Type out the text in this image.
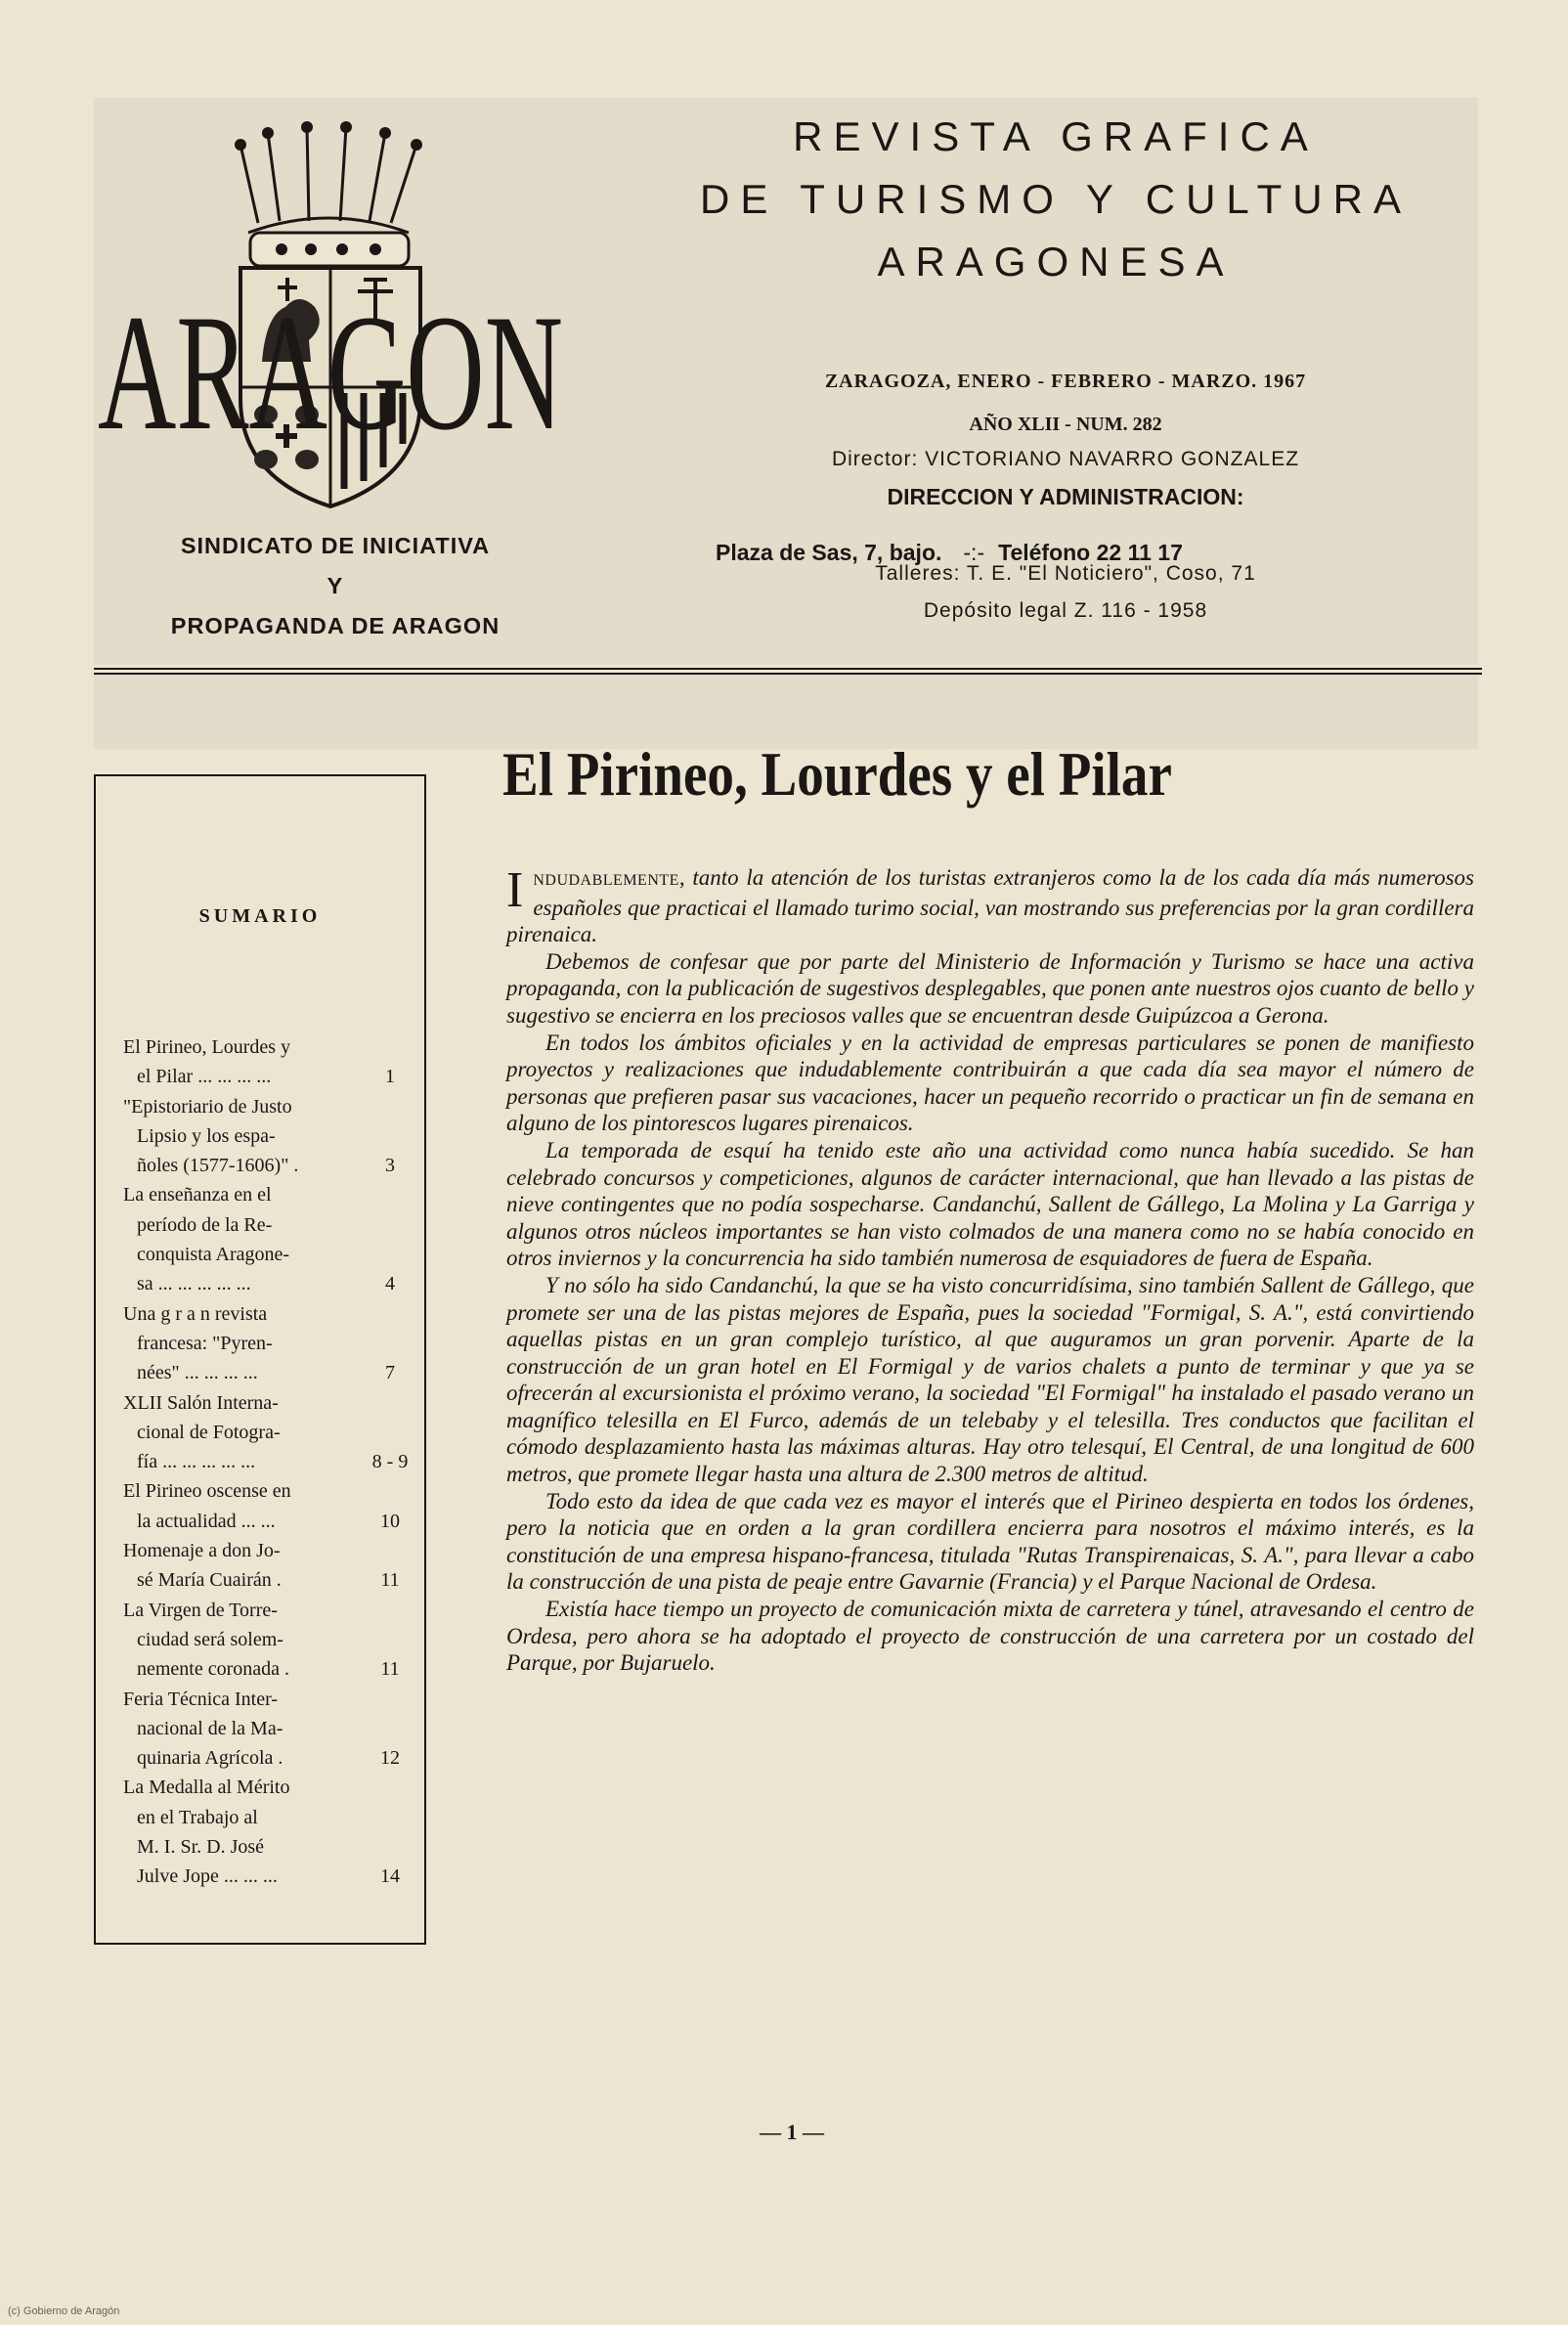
ARAGON
SINDICATO DE INICIATIVA
Y
PROPAGANDA DE ARAGON
REVISTA GRAFICA
DE TURISMO Y CULTURA
ARAGONESA
ZARAGOZA, ENERO - FEBRERO - MARZO. 1967
AÑO XLII - NUM. 282
Director: VICTORIANO NAVARRO GONZALEZ
DIRECCION Y ADMINISTRACION:
Talleres: T. E. "El Noticiero", Coso, 71
Depósito legal Z. 116 - 1958
Plaza de Sas, 7, bajo. -:- Teléfono 22 11 17
SUMARIO
El Pirineo, Lourdes y
el Pilar ... ... ... ...	1
"Epistoriario de Justo
Lipsio y los espa-
ñoles (1577-1606)" .	3
La enseñanza en el
período de la Re-
conquista Aragone-
sa ... ... ... ... ...	4
Una g r a n revista
francesa: "Pyren-
nées" ... ... ... ...	7
XLII Salón Interna-
cional de Fotogra-
fía ... ... ... ... ...	8 - 9
El Pirineo oscense en
la actualidad ... ...	10
Homenaje a don Jo-
sé María Cuairán .	11
La Virgen de Torre-
ciudad será solem-
nemente coronada .	11
Feria Técnica Inter-
nacional de la Ma-
quinaria Agrícola .	12
La Medalla al Mérito
en el Trabajo al
M. I. Sr. D. José
Julve Jope ... ... ...	14
El Pirineo, Lourdes y el Pilar

INDUDABLEMENTE, tanto la atención de los turistas extranjeros como la de los cada día más numerosos españoles que practicai el llamado turimo social, van mostrando sus preferencias por la gran cordillera pirenaica.

Debemos de confesar que por parte del Ministerio de Información y Turismo se hace una activa propaganda, con la publicación de sugestivos desplegables, que ponen ante nuestros ojos cuanto de bello y sugestivo se encierra en los preciosos valles que se encuentran desde Guipúzcoa a Gerona.

En todos los ámbitos oficiales y en la actividad de empresas particulares se ponen de manifiesto proyectos y realizaciones que indudablemente contribuirán a que cada día sea mayor el número de personas que prefieren pasar sus vacaciones, hacer un pequeño recorrido o practicar un fin de semana en alguno de los pintorescos lugares pirenaicos.

La temporada de esquí ha tenido este año una actividad como nunca había sucedido. Se han celebrado concursos y competiciones, algunos de carácter internacional, que han llevado a las pistas de nieve contingentes que no podía sospecharse. Candanchú, Sallent de Gállego, La Molina y La Garriga y algunos otros núcleos importantes se han visto colmados de una manera como no se había conocido en otros inviernos y la concurrencia ha sido también numerosa de esquiadores de fuera de España.

Y no sólo ha sido Candanchú, la que se ha visto concurridísima, sino también Sallent de Gállego, que promete ser una de las pistas mejores de España, pues la sociedad "Formigal, S. A.", está convirtiendo aquellas pistas en un gran complejo turístico, al que auguramos un gran porvenir. Aparte de la construcción de un gran hotel en El Formigal y de varios chalets a punto de terminar y que ya se ofrecerán al excursionista el próximo verano, la sociedad "El Formigal" ha instalado el pasado verano un magnífico telesilla en El Furco, además de un telebaby y el telesilla. Tres conductos que facilitan el cómodo desplazamiento hasta las máximas alturas. Hay otro telesquí, El Central, de una longitud de 600 metros, que promete llegar hasta una altura de 2.300 metros de altitud.

Todo esto da idea de que cada vez es mayor el interés que el Pirineo despierta en todos los órdenes, pero la noticia que en orden a la gran cordillera encierra para nosotros el máximo interés, es la constitución de una empresa hispano-francesa, titulada "Rutas Transpirenaicas, S. A.", para llevar a cabo la construcción de una pista de peaje entre Gavarnie (Francia) y el Parque Nacional de Ordesa.

Existía hace tiempo un proyecto de comunicación mixta de carretera y túnel, atravesando el centro de Ordesa, pero ahora se ha adoptado el proyecto de construcción de una carretera por un costado del Parque, por Bujaruelo.

— 1 —
(c) Gobierno de Aragón
